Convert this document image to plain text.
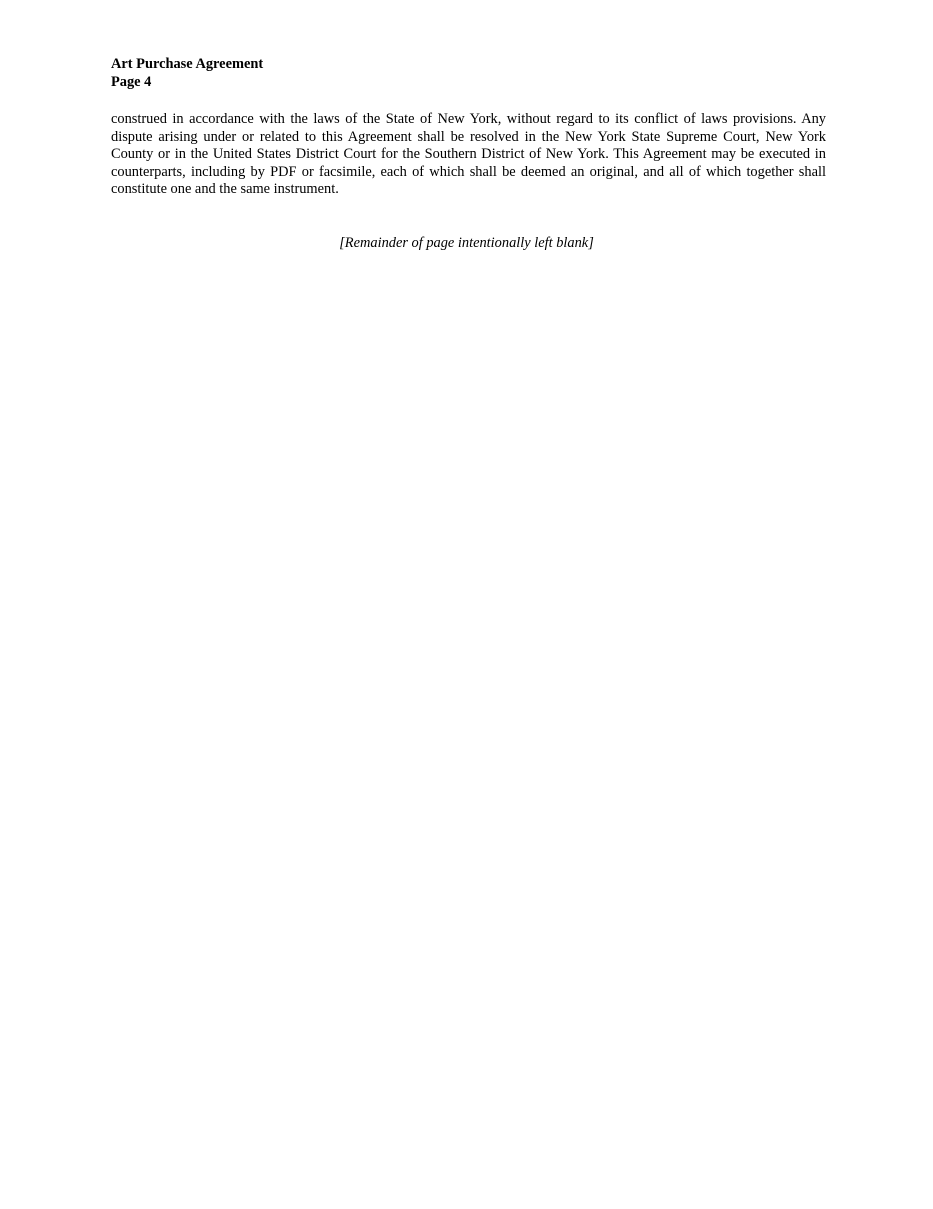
Art Purchase Agreement
Page 4

construed in accordance with the laws of the State of New York, without regard to its conflict of laws provisions. Any dispute arising under or related to this Agreement shall be resolved in the New York State Supreme Court, New York County or in the United States District Court for the Southern District of New York. This Agreement may be executed in counterparts, including by PDF or facsimile, each of which shall be deemed an original, and all of which together shall constitute one and the same instrument.

[Remainder of page intentionally left blank]
